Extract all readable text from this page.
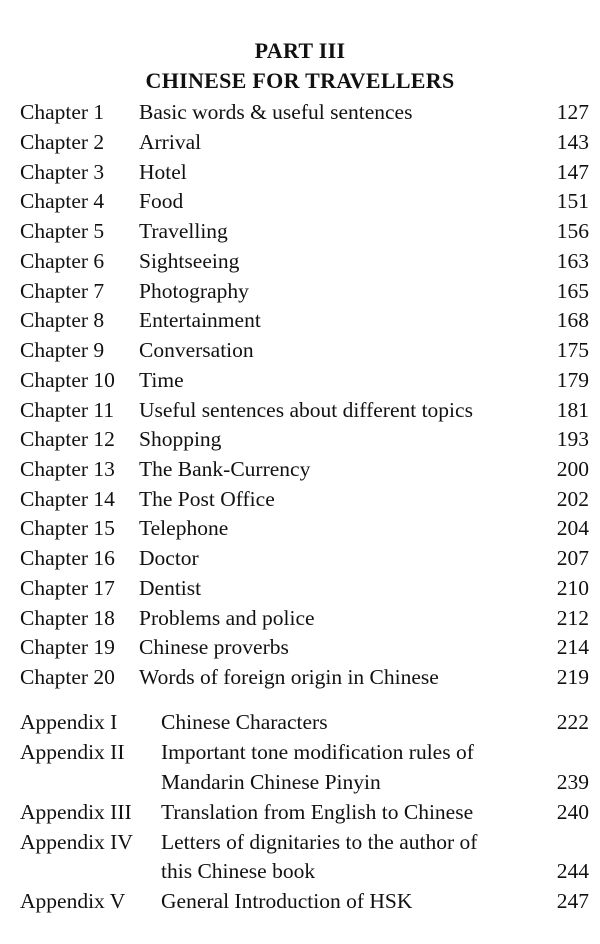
PART III
CHINESE FOR TRAVELLERS
Chapter 1 Basic words & useful sentences	127
Chapter 2 Arrival	143
Chapter 3 Hotel	147
Chapter 4 Food	151
Chapter 5 Travelling	156
Chapter 6 Sightseeing	163
Chapter 7 Photography	165
Chapter 8 Entertainment	168
Chapter 9 Conversation	175
Chapter 10 Time	179
Chapter 11 Useful sentences about different topics	181
Chapter 12 Shopping	193
Chapter 13 The Bank-Currency	200
Chapter 14 The Post Office	202
Chapter 15 Telephone	204
Chapter 16 Doctor	207
Chapter 17 Dentist	210
Chapter 18 Problems and police	212
Chapter 19 Chinese proverbs	214
Chapter 20 Words of foreign origin in Chinese	219
Appendix I Chinese Characters	222
Appendix II Important tone modification rules of
Mandarin Chinese Pinyin	239
Appendix III Translation from English to Chinese	240
Appendix IV Letters of dignitaries to the author of
this Chinese book	244
Appendix V General Introduction of HSK	247
